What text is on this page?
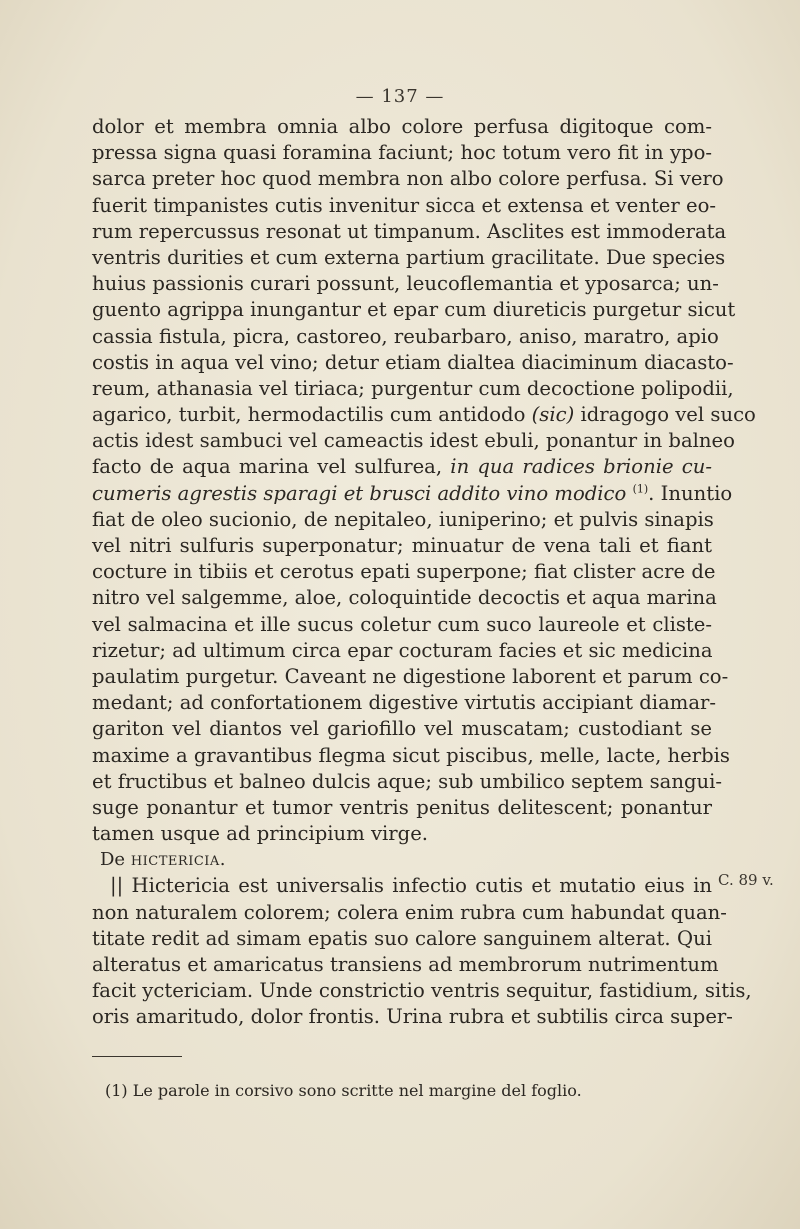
— 137 —
dolor et membra omnia albo colore perfusa digitoque com-
pressa signa quasi foramina faciunt; hoc totum vero fit in ypo-
sarca preter hoc quod membra non albo colore perfusa. Si vero
fuerit timpanistes cutis invenitur sicca et extensa et venter eo-
rum repercussus resonat ut timpanum. Asclites est immoderata
ventris durities et cum externa partium gracilitate. Due species
huius passionis curari possunt, leucoflemantia et yposarca; un-
guento agrippa inungantur et epar cum diureticis purgetur sicut
cassia fistula, picra, castoreo, reubarbaro, aniso, maratro, apio
costis in aqua vel vino; detur etiam dialtea diaciminum diacasto-
reum, athanasia vel tiriaca; purgentur cum decoctione polipodii,
agarico, turbit, hermodactilis cum antidodo (sic) idragogo vel suco
actis idest sambuci vel cameactis idest ebuli, ponantur in balneo
facto de aqua marina vel sulfurea, in qua radices brionie cu-
cumeris agrestis sparagi et brusci addito vino modico $^{(1)}$. Inuntio
fiat de oleo sucionio, de nepitaleo, iuniperino; et pulvis sinapis
vel nitri sulfuris superponatur; minuatur de vena tali et fiant
cocture in tibiis et cerotus epati superpone; fiat clister acre de
nitro vel salgemme, aloe, coloquintide decoctis et aqua marina
vel salmacina et ille sucus coletur cum suco laureole et cliste-
rizetur; ad ultimum circa epar cocturam facies et sic medicina
paulatim purgetur. Caveant ne digestione laborent et parum co-
medant; ad confortationem digestive virtutis accipiant diamar-
gariton vel diantos vel gariofillo vel muscatam; custodiant se
maxime a gravantibus flegma sicut piscibus, melle, lacte, herbis
et fructibus et balneo dulcis aque; sub umbilico septem sangui-
suge ponantur et tumor ventris penitus delitescent; ponantur
tamen usque ad principium virge.
De hictericia.
|| Hictericia est universalis infectio cutis et mutatio eius in
non naturalem colorem; colera enim rubra cum habundat quan-
titate redit ad simam epatis suo calore sanguinem alterat. Qui
alteratus et amaricatus transiens ad membrorum nutrimentum
facit yctericiam. Unde constrictio ventris sequitur, fastidium, sitis,
oris amaritudo, dolor frontis. Urina rubra et subtilis circa super-
C. 89 v.
(1) Le parole in corsivo sono scritte nel margine del foglio.
